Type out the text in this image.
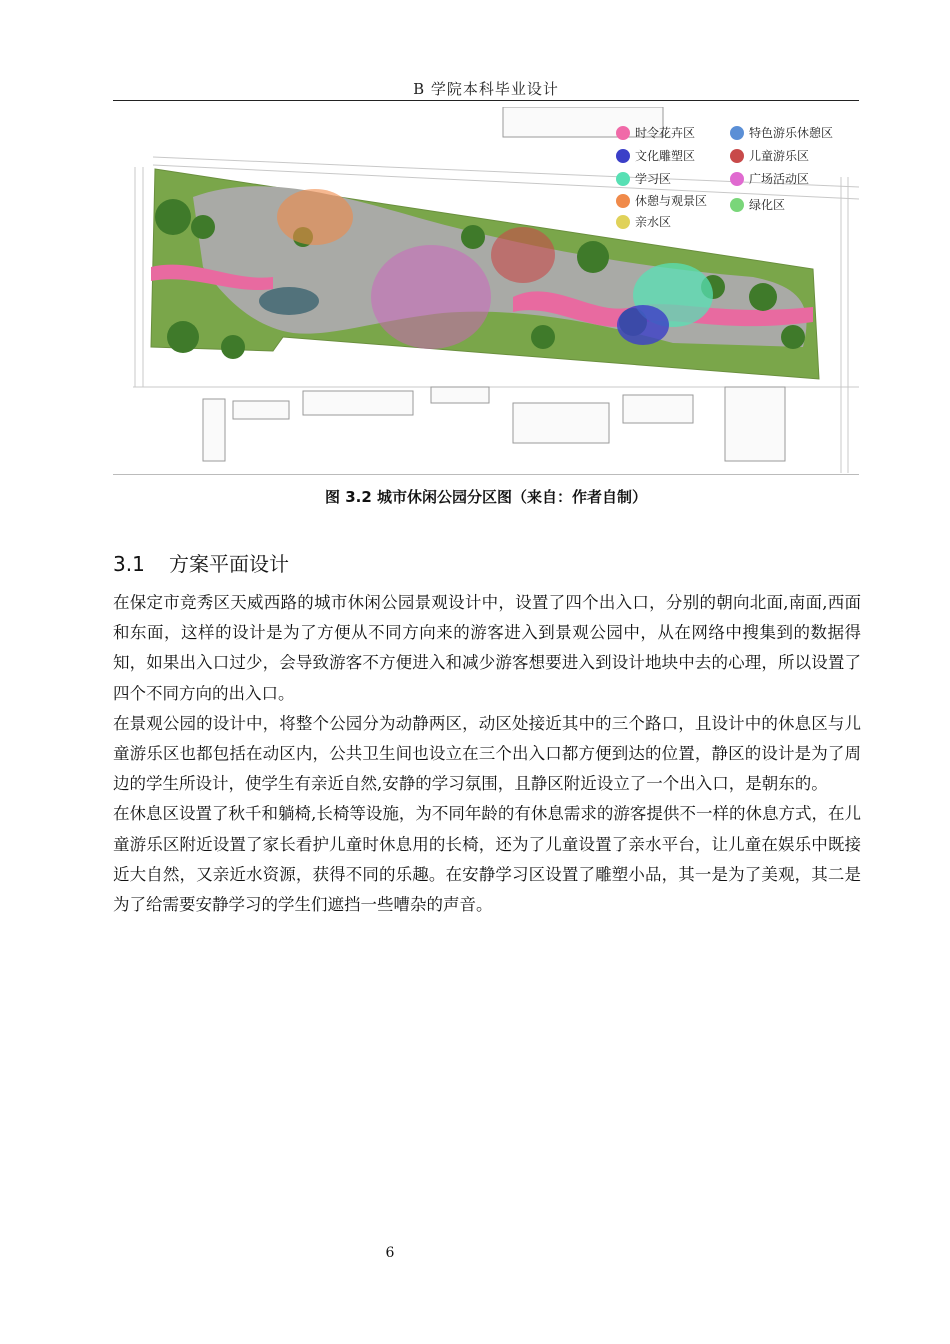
B 学院本科毕业设计
时令花卉区	特色游乐休憩区
文化雕塑区	儿童游乐区
学习区	广场活动区
休憩与观景区	绿化区
亲水区
图 3.2 城市休闲公园分区图（来自：作者自制）
3.1 方案平面设计

在保定市竞秀区天威西路的城市休闲公园景观设计中，设置了四个出入口，分别的朝向北面,南面,西面和东面，这样的设计是为了方便从不同方向来的游客进入到景观公园中，从在网络中搜集到的数据得知，如果出入口过少，会导致游客不方便进入和减少游客想要进入到设计地块中去的心理，所以设置了四个不同方向的出入口。

在景观公园的设计中，将整个公园分为动静两区，动区处接近其中的三个路口，且设计中的休息区与儿童游乐区也都包括在动区内，公共卫生间也设立在三个出入口都方便到达的位置，静区的设计是为了周边的学生所设计，使学生有亲近自然,安静的学习氛围，且静区附近设立了一个出入口，是朝东的。

在休息区设置了秋千和躺椅,长椅等设施，为不同年龄的有休息需求的游客提供不一样的休息方式，在儿童游乐区附近设置了家长看护儿童时休息用的长椅，还为了儿童设置了亲水平台，让儿童在娱乐中既接近大自然，又亲近水资源，获得不同的乐趣。在安静学习区设置了雕塑小品，其一是为了美观，其二是为了给需要安静学习的学生们遮挡一些嘈杂的声音。

6
